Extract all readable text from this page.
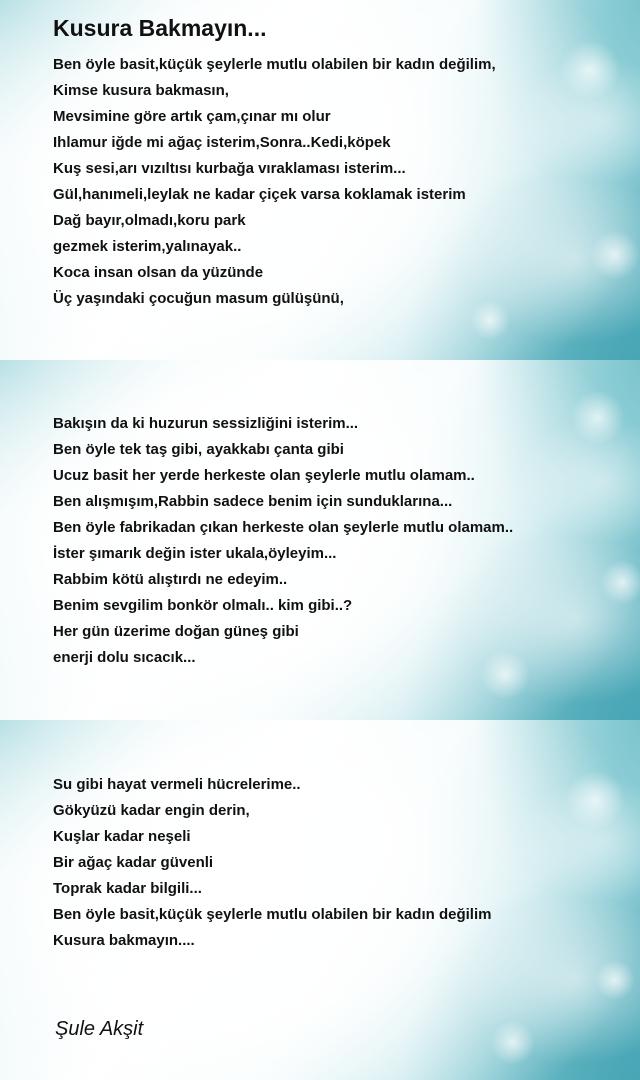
Kusura Bakmayın...
Ben öyle basit,küçük şeylerle mutlu olabilen bir kadın değilim,
Kimse kusura bakmasın,
Mevsimine göre artık çam,çınar mı olur
Ihlamur iğde mi ağaç isterim,Sonra..Kedi,köpek
Kuş sesi,arı vızıltısı kurbağa vıraklaması isterim...
Gül,hanımeli,leylak ne kadar çiçek varsa koklamak isterim
Dağ bayır,olmadı,koru park
gezmek isterim,yalınayak..
Koca insan olsan da yüzünde
Üç yaşındaki çocuğun masum gülüşünü,
Bakışın da ki huzurun sessizliğini isterim...
Ben öyle tek taş gibi, ayakkabı çanta gibi
Ucuz basit her yerde herkeste olan şeylerle mutlu olamam..
Ben alışmışım,Rabbin sadece benim için sunduklarına...
Ben öyle fabrikadan çıkan herkeste olan şeylerle mutlu olamam..
İster şımarık değin ister ukala,öyleyim...
Rabbim kötü alıştırdı ne edeyim..
Benim sevgilim bonkör olmalı.. kim gibi..?
Her gün üzerime doğan güneş gibi
enerji dolu sıcacık...
Su gibi hayat vermeli hücrelerime..
Gökyüzü kadar engin derin,
Kuşlar kadar neşeli
Bir ağaç kadar güvenli
Toprak kadar bilgili...
Ben öyle basit,küçük şeylerle mutlu olabilen bir kadın değilim
Kusura bakmayın....
Şule Akşit
